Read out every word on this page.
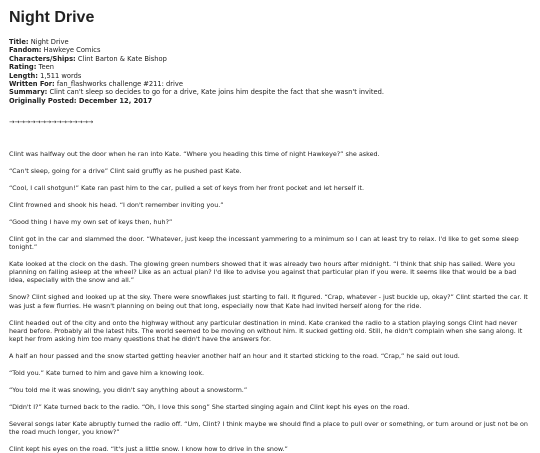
Night Drive
Title: Night Drive
Fandom: Hawkeye Comics
Characters/Ships: Clint Barton & Kate Bishop
Rating: Teen
Length: 1,511 words
Written For: fan_flashworks challenge #211: drive
Summary: Clint can't sleep so decides to go for a drive, Kate joins him despite the fact that she wasn't invited.
Originally Posted: December 12, 2017
→→→→→→→→→→→→→→→→

Clint was halfway out the door when he ran into Kate. “Where you heading this time of night Hawkeye?” she asked.

“Can't sleep, going for a drive” Clint said gruffly as he pushed past Kate.

“Cool, I call shotgun!” Kate ran past him to the car, pulled a set of keys from her front pocket and let herself it.

Clint frowned and shook his head. “I don't remember inviting you.”

“Good thing I have my own set of keys then, huh?”

Clint got in the car and slammed the door. “Whatever, just keep the incessant yammering to a minimum so I can at least try to relax. I'd like to get some sleep tonight.”

Kate looked at the clock on the dash. The glowing green numbers showed that it was already two hours after midnight. “I think that ship has sailed. Were you planning on falling asleep at the wheel? Like as an actual plan? I'd like to advise you against that particular plan if you were. It seems like that would be a bad idea, especially with the snow and all.”

Snow? Clint sighed and looked up at the sky. There were snowflakes just starting to fall. It figured. “Crap, whatever - just buckle up, okay?” Clint started the car. It was just a few flurries. He wasn't planning on being out that long, especially now that Kate had invited herself along for the ride.

Clint headed out of the city and onto the highway without any particular destination in mind. Kate cranked the radio to a station playing songs Clint had never heard before. Probably all the latest hits. The world seemed to be moving on without him. It sucked getting old. Still, he didn't complain when she sang along. It kept her from asking him too many questions that he didn't have the answers for.

A half an hour passed and the snow started getting heavier another half an hour and it started sticking to the road. “Crap,” he said out loud.

“Told you.” Kate turned to him and gave him a knowing look.

“You told me it was snowing, you didn't say anything about a snowstorm.”

“Didn't I?” Kate turned back to the radio. “Oh, I love this song” She started singing again and Clint kept his eyes on the road.

Several songs later Kate abruptly turned the radio off. “Um, Clint? I think maybe we should find a place to pull over or something, or turn around or just not be on the road much longer, you know?”

Clint kept his eyes on the road. “It's just a little snow. I know how to drive in the snow.”
